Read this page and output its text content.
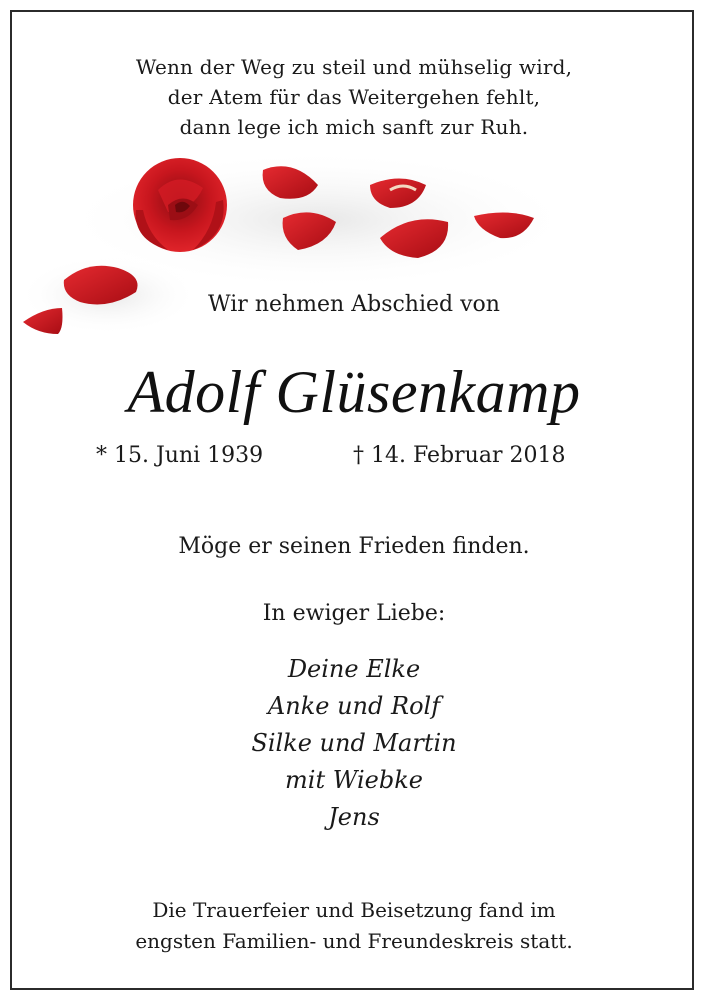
Wenn der Weg zu steil und mühselig wird,
der Atem für das Weitergehen fehlt,
dann lege ich mich sanft zur Ruh.
Wir nehmen Abschied von
Adolf Glüsenkamp
* 15. Juni 1939	† 14. Februar 2018
Möge er seinen Frieden finden.
In ewiger Liebe:
Deine Elke
Anke und Rolf
Silke und Martin
mit Wiebke
Jens
Die Trauerfeier und Beisetzung fand im
engsten Familien- und Freundeskreis statt.
